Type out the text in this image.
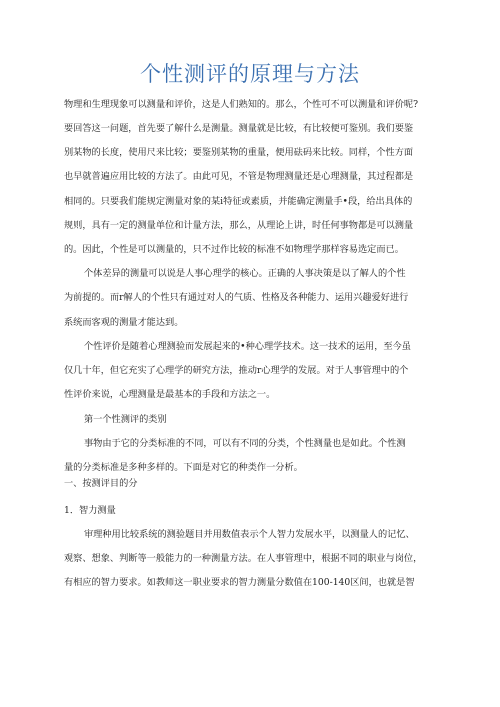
个性测评的原理与方法

物理和生理现象可以测量和评价，这是人们熟知的。那么，个性可不可以测量和评价呢?

要回答这一问题，首先要了解什么是测量。测量就是比较，有比较便可鉴别。我们要鉴

别某物的长度，使用尺来比较；要鉴别某物的重量，便用砝码来比较。同样，个性方面

也早就普遍应用比较的方法了。由此可见，不管是物理测量还是心理测量，其过程都是

相同的。只要我们能规定测量对象的某i特征或素质，并能确定测量手•段，给出具体的

规则，具有一定的测量单位和计量方法，那么，从理论上讲，时任何事物都是可以测量

的。因此，个性是可以测量的，只不过作比较的标准不如物理学那样容易选定而已。

个体差异的测量可以说是人事心理学的核心。正确的人事决策是以了解人的个性

为前提的。而r解人的个性只有通过对人的气质、性格及各种能力、运用兴趣爱好进行

系统而客观的测量才能达到。

个性评价是随着心理测验而发展起来的•种心理学技术。这一技术的运用，至今虽

仅几十年，但它充实了心理学的研究方法，推动r心理学的发展。对于人事管理中的个

性评价来说，心理测量是最基本的手段和方法之一。

第一个性测评的类别

事物由于它的分类标准的不同，可以有不同的分类，个性测量也是如此。个性测

量的分类标准是多种多样的。下面是对它的种类作一分析。

一、按测评目的分

1．智力测量

审理种用比较系统的测验题目并用数值表示个人智力发展水平，以测量人的记忆、

观察、想象、判断等一般能力的一种测量方法。在人事管理中，根据不同的职业与岗位，

有相应的智力要求。如教师这一职业要求的智力测量分数值在100-140区间，也就是智
